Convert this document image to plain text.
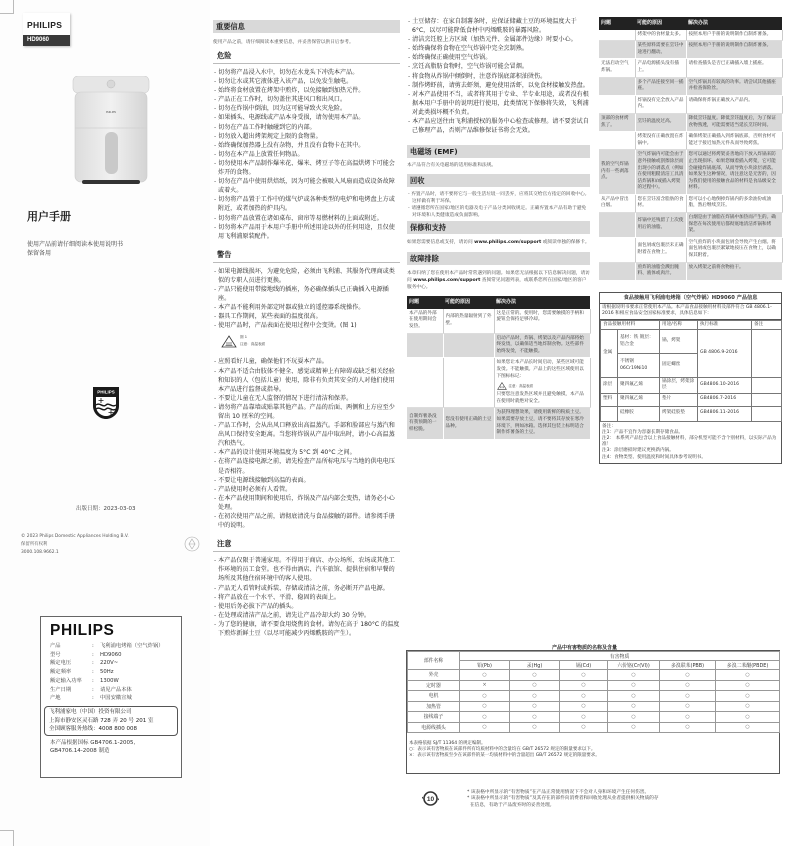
PHILIPS
HD9060
PHILIPS
用户手册
使用产品前请仔细阅读本使用说明书
保留备用
PHILIPS
出版日期：2023-03-03
© 2023 Philips Domestic Appliances Holding B.V.
保留所有权利
3000.108.9662.1
PHILIPS
产品	:	飞利浦电烤箱（空气炸锅）
型号	:	HD9060
额定电压	:	220V~
额定频率	:	50Hz
额定输入功率	:	1300W
生产日期	:	请见产品本体
产地	:	中国安徽宣城
飞利浦家电（中国）投资有限公司
上海市静安区灵石路 728 弄 20 号 201 室
全国顾客服务热线：4008 800 008
本产品根据国标 GB4706.1-2005,
GB4706.14-2008 制造
重要信息

使用产品之前，请仔细阅读本重要信息，并妥善保管以供日后参考。

危险
- 切勿将产品浸入水中，切勿在水龙头下冲洗本产品。
- 切勿让水或其它液体进入该产品，以免发生触电。
- 始终将食材放置在烤架中煎炸，以免接触到加热元件。
- 产品正在工作时，切勿盖住其进风口和出风口。
- 切勿在炸锅中倒油，因为这可能导致火灾危险。
- 如果插头、电源线或产品本身受损，请勿使用本产品。
- 切勿在产品工作时触碰到它的内部。
- 切勿放入超出烤架规定上限的食物量。
- 始终确保加热器上没有杂物，并且没有食物卡在其中。
- 切勿在本产品上放置任何物品。
- 切勿使用本产品制作爆米花、爆米、烤豆子等在高温烘烤下可能会炸开的食物。
- 切勿在产品中使用烘焙纸，因为可能会被吸入风扇而造成设备故障或着火。
- 切勿将产品置于工作中的煤气炉或各种类型的电炉和电烤盘上方或附近，或者加热的炉具内。
- 切勿将产品放置在诸如桌布、窗帘等易燃材料的上面或附近。
- 切勿将本产品用于本用户手册中所述用途以外的任何用途，且仅使用飞利浦原装配件。
警告
- 如果电源线损坏，为避免危险，必须由飞利浦、其服务代理商或类似的专职人员进行更换。
- 产品只能使用带接地线的插座，务必确保插头已正确插入电源插座。
- 本产品不能利用外部定时器或独立的遥控器系统操作。
- 器具工作期间，某些表面的温度很高。
- 使用产品时，产品表面在使用过程中会变烫。(图 1)
图 1
注意：高温表面
- 应照看好儿童，确保他们不玩耍本产品。
- 本产品不适合由肢体不健全、感觉或精神上有障碍或缺乏相关经验和知识的人（包括儿童）使用，除非有负责其安全的人对他们使用本产品进行监督或指导。
- 不要让儿童在无人监督的情况下进行清洁和保养。
- 请勿将产品靠墙或贴靠其他产品。产品的后面、两侧和上方应至少留出 10 厘米的空间。
- 产品工作时，会从出风口释放出高温蒸汽。手部和脸部应与蒸汽和出风口保持安全距离。当您将炸锅从产品中取出时，请小心高温蒸汽和热气。
- 本产品的设计使用环境温度为 5°C 到 40°C 之间。
- 在将产品连接电源之前，请先检查产品所标电压与当地的供电电压是否相符。
- 不要让电源线接触到高温的表面。
- 产品使用时必须有人看管。
- 在本产品使用期间和使用后，炸锅及产品内部会变热，请务必小心处理。
- 在初次使用产品之前，请彻底清洗与食品接触的部件。请参阅手册中的说明。
注意
- 本产品仅限于普通家用。不得用于商店、办公场所、农场或其他工作环境的员工食堂。也不得由酒店、汽车旅馆、提供住宿和早餐的场所及其他住宿环境中的客人使用。
- 产品无人看管时或拆装、存储或清洁之前，务必断开产品电源。
- 将产品放在一个水平、平滑、稳固的表面上。
- 使用后务必拔下产品的插头。
- 在处理或清洁产品之前，请先让产品冷却大约 30 分钟。
- 为了您的健康，请不要食用烧焦的食材。请勿在高于 180°C 的温度下煎炸新鲜土豆（以尽可能减少丙烯酰胺的产生）。
- 土豆储存：在家自制薯条时，应保证储藏土豆的环境温度大于 6°C，以尽可能降低食材中丙烯酰胺的暴露风险。
- 清洁烹饪腔上方区域（加热元件、金属部件边缘）时要小心。
- 始终确保将食物在空气炸锅中完全烹制熟。
- 始终确保正确使用空气炸锅。
- 烹饪高脂肪食物时，空气炸锅可能会冒烟。
- 将食物从炸锅中倾倒时，注意炸锅底部积油烫伤。
- 制作烤虾前，请剪去虾须，避免使用活虾，以免食材接触发热盘。
- 对本产品使用不当，或者将其用于专业、半专业用途，或者没有根据本用户手册中的说明进行使用，此类情况下保修将失效，飞利浦对此类损坏概不负责。
- 本产品应送往由飞利浦授权的服务中心检查或修理。请不要尝试自己修理产品，否则产品维修保证书将会无效。
电磁场 (EMF)

本产品符合有关电磁场的适用标准和法规。

回收
- 弃置产品时，请不要将它与一般生活垃圾一同丢弃，应将其交给官方指定的回收中心。这样做有利于环保。
- 请遵循您所在国家/地区的电器及电子产品分类回收规定。正确弃置本产品有助于避免对环境和人类健康造成负面影响。
保修和支持

如果您需要信息或支持，请访问 www.philips.com/support 或阅读单独的保修卡。

故障排除

本章归纳了您在使用本产品时常常遇到的问题。如果您无法根据以下信息解决问题，请访问 www.philips.com/support 查阅常见问题列表，或联系您所在国家/地区的客户服务中心。

问题	可能的原因	解决办法
本产品的外部在使用期间会发热。	内部的热量辐射到了外壁。	这是正常的。使用时，您需要触摸的手柄和旋钮会保持足够冷却。

		启动产品时，炸锅、烤架以及产品内部将始终发烫，以确保适当地炸制食物。这些部件始终发烫，不能触摸。

		如果您让本产品长时间启动，某些区域可能发烫。不能触摸。产品上的这些区域使用以下图标标记：
注意：高温表面
只要您注意发热区域并且避免触摸，本产品在使用时就绝对安全。

自制炸薯条没有我预期的一样松脆。	您没有使用正确的土豆品种。	为获得理想效果，请使用新鲜的粉质土豆。如果需要存放土豆，请不要将其存放在寒冷环境下，例如冰箱。选择其包装上标明适合制作炸薯条的土豆。
问题	可能的原因	解决办法
	烤架中的食材量太多。	按照本用户手册的说明制作自制炸薯条。

	某些原料需要在烹饪中途进行翻动。	按照本用户手册的说明制作自制炸薯条。

无法启动空气炸锅。	产品电源插头没有插上。	请检查插头是否已正确插入墙上插座。

	多个产品连接至同一插座。	空气炸锅具有较高的功率。请尝试其他插座并检查保险丝。

	炸锅没有完全放入产品内。	请确保将炸锅正确放入产品内。

顶部的食材烤焦了。	烹饪的温度过高。	降低烹饪温度。降低烹饪温度后，为了保证食物熟透，可能需要适当延长烹饪时间。

	烤架没有正确放置在炸锅中。	确保烤架正确插入到炸锅底部，否则食材可能过于接近加热元件从而导致烤焦。

我的空气炸锅内有一些剥落点。	空气炸锅内可能会由于意外接触或刮擦涂层而出现小的剥落点（例如在使用粗糙清洁工具清洁炸锅和/或插入烤架的过程中）。	您可以通过将烤架妥善地向下放入炸锅来防止出现损坏。如果您倾着插入烤架，它可能会碰撞炸锅底部，从而导致小块涂层剥落。如果发生这种情况，请注意这是无害的，因为我们使用的接触食品的材料是食品级安全材料。

从产品中冒出白烟。	您在烹饪富含脂肪的食材。	您可以小心地倒掉炸锅内的多余油份或油脂，然后继续烹饪。

	炸锅中还残留了上次使用后的油脂。	白烟是由于油脂在炸锅中加热而产生的。确保您在每次使用后都彻底地清洁炸锅和烤架。

	面包屑或包裹层未正确附着在食物上。	空气煎炸的小块面包屑会导致产生白烟。将面包屑或包裹层紧紧地按压在食物上，以确保其附着。

	煎炸的油脂会溅出腌料、液体或肉汁。	放入烤架之前将食物拍干。
食品接触用飞利浦电烤箱（空气炸锅）HD9060 产品信息
请根据说明书要求正常使用本产品。本产品食品接触用材料及部件符合 GB 4806.1-2016 和相应食品安全国家标准要求，具体信息如下：
食品接触用材料		用途/名称	执行标准	备注
金属	基材：铁 镀层：铝合金	锅，烤架	GB 4806.9-2016	
	不锈钢 06Cr19Ni10	固定螺丝		
涂层	聚四氟乙烯	锅涂层，烤架涂层	GB4806.10-2016	
塑料	聚四氟乙烯	垫片	GB4806.7-2016	
	硅橡胶	烤架硅胶垫	GB4806.11-2016	
备注：
注1：产品不宜作为容器长期存储食品。
注2： 本系列产品包含以上食品接触材料，部分机型可能不含个别材料，以实际产品为准！
注3：涂层磨损时建议更换新内锅。
注4：食物类型、使用温度和时间具体参考说明书。
产品中有害物质的名称及含量
部件名称	有害物质					
	铅(Pb)	汞(Hg)	镉(Cd)	六价铬(Cr(VI))	多溴联苯(PBB)	多溴二苯醚(PBDE)
外壳	○	○	○	○	○	○
定时器	×	○	○	○	○	○
电机	○	○	○	○	○	○
加热管	○	○	○	○	○	○
接线端子	○	○	○	○	○	○
电源线插头	○	○	○	○	○	○
本表格依据 SJ/T 11364 的规定编制。
○：表示该有害物质在该部件所有均质材料中的含量均在 GB/T 26572 规定的限量要求以下。
×：表示该有害物质至少在该部件的某一均质材料中的含量超出 GB/T 26572 规定的限量要求。
10
* 该表格中所显示的“有害物质”在产品正常使用情况下不会对人身和环境产生任何伤害。
* 该表格中所显示的“有害物质”及其存在的部件向消费者和回收处理从业者提供相关物质的存
在信息，有助于产品废弃时的妥善处理。
